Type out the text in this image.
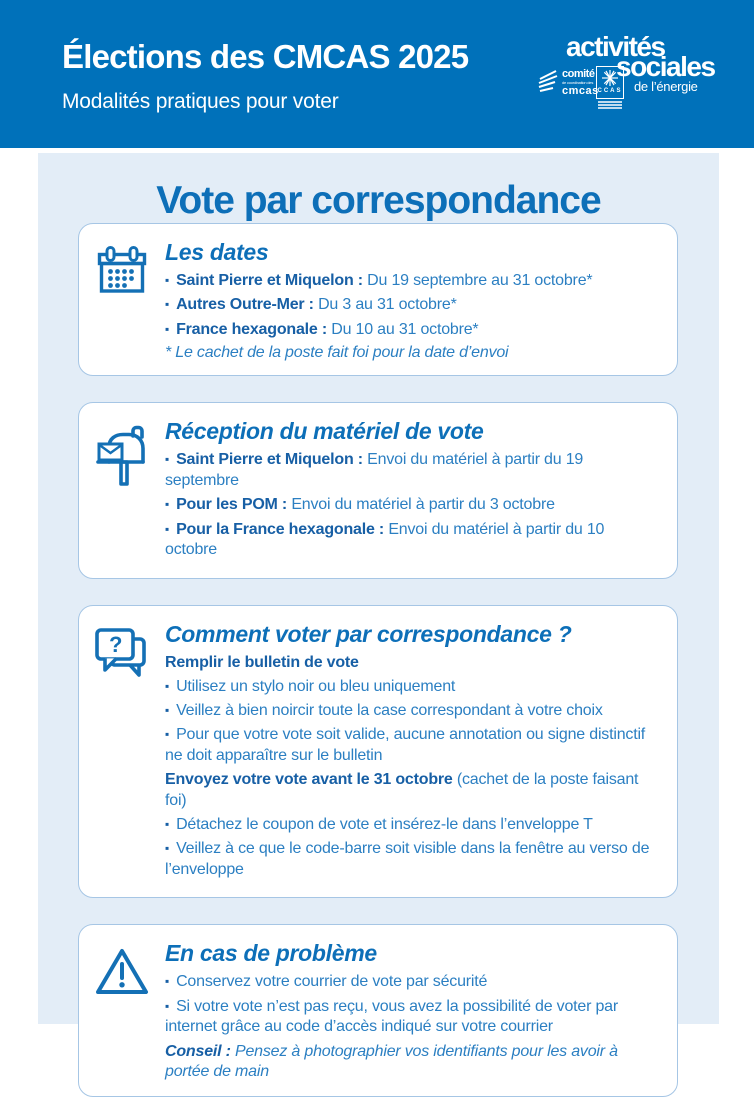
Élections des CMCAS 2025
Modalités pratiques pour voter
activités
sociales
de l’énergie
comité
de coordination des
cmcas
CCAS
Vote par correspondance
Les dates
▪ Saint Pierre et Miquelon : Du 19 septembre au 31 octobre*
▪ Autres Outre-Mer : Du 3 au 31 octobre*
▪ France hexagonale : Du 10 au 31 octobre*
* Le cachet de la poste fait foi pour la date d’envoi
Réception du matériel de vote
▪ Saint Pierre et Miquelon : Envoi du matériel à partir du 19 septembre
▪ Pour les POM : Envoi du matériel à partir du 3 octobre
▪ Pour la France hexagonale : Envoi du matériel à partir du 10 octobre
? Comment voter par correspondance ?
Remplir le bulletin de vote
▪ Utilisez un stylo noir ou bleu uniquement
▪ Veillez à bien noircir toute la case correspondant à votre choix
▪ Pour que votre vote soit valide, aucune annotation ou signe distinctif ne doit apparaître sur le bulletin
Envoyez votre vote avant le 31 octobre (cachet de la poste faisant foi)
▪ Détachez le coupon de vote et insérez-le dans l’enveloppe T
▪ Veillez à ce que le code-barre soit visible dans la fenêtre au verso de l’enveloppe
En cas de problème
▪ Conservez votre courrier de vote par sécurité
▪ Si votre vote n’est pas reçu, vous avez la possibilité de voter par internet grâce au code d’accès indiqué sur votre courrier
Conseil : Pensez à photographier vos identifiants pour les avoir à portée de main
